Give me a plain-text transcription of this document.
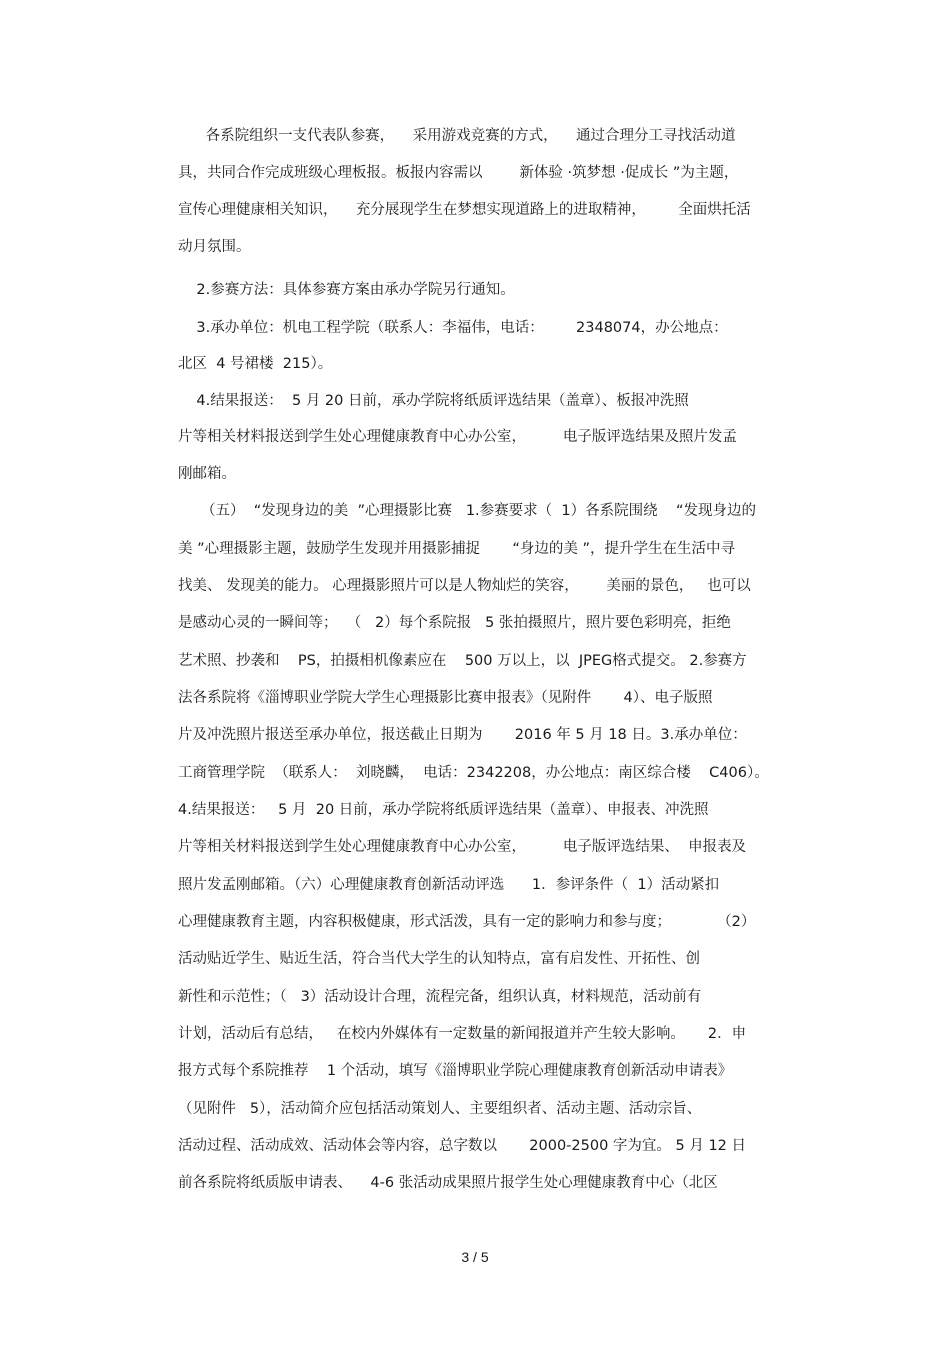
各系院组织一支代表队参赛，    采用游戏竞赛的方式，    通过合理分工寻找活动道
具，共同合作完成班级心理板报。板报内容需以        新体验 ·筑梦想 ·促成长 ”为主题，
宣传心理健康相关知识，    充分展现学生在梦想实现道路上的进取精神，       全面烘托活
动月氛围。
2.参赛方法：具体参赛方案由承办学院另行通知。
3.承办单位：机电工程学院（联系人：李福伟，电话：       2348074，办公地点：
北区  4 号裙楼  215）。
4.结果报送：  5 月 20 日前，承办学院将纸质评选结果（盖章）、板报冲洗照
片等相关材料报送到学生处心理健康教育中心办公室，        电子版评选结果及照片发孟
刚邮箱。
（五）  “发现身边的美  ”心理摄影比赛   1.参赛要求（  1）各系院围绕    “发现身边的
美 ”心理摄影主题，鼓励学生发现并用摄影捕捉       “身边的美 ”，提升学生在生活中寻
找美、 发现美的能力。 心理摄影照片可以是人物灿烂的笑容，      美丽的景色，   也可以
是感动心灵的一瞬间等；  （   2）每个系院报   5 张拍摄照片，照片要色彩明亮，拒绝
艺术照、抄袭和    PS，拍摄相机像素应在    500 万以上，以  JPEG格式提交。 2.参赛方
法各系院将《淄博职业学院大学生心理摄影比赛申报表》（见附件       4）、电子版照
片及冲洗照片报送至承办单位，报送截止日期为       2016 年 5 月 18 日。3.承办单位：
工商管理学院  （联系人：  刘晓麟，  电话：2342208，办公地点：南区综合楼    C406）。
4.结果报送：   5 月  20 日前，承办学院将纸质评选结果（盖章）、申报表、冲洗照
片等相关材料报送到学生处心理健康教育中心办公室，        电子版评选结果、  申报表及
照片发孟刚邮箱。（六）心理健康教育创新活动评选      1．参评条件（  1）活动紧扣
心理健康教育主题，内容积极健康，形式活泼，具有一定的影响力和参与度；          （2）
活动贴近学生、贴近生活，符合当代大学生的认知特点，富有启发性、开拓性、创
新性和示范性；（   3）活动设计合理，流程完备，组织认真，材料规范，活动前有
计划，活动后有总结，   在校内外媒体有一定数量的新闻报道并产生较大影响。     2．申
报方式每个系院推荐    1 个活动，填写《淄博职业学院心理健康教育创新活动申请表》
（见附件   5），活动简介应包括活动策划人、主要组织者、活动主题、活动宗旨、
活动过程、活动成效、活动体会等内容，总字数以       2000-2500 字为宜。 5 月 12 日
前各系院将纸质版申请表、    4-6 张活动成果照片报学生处心理健康教育中心（北区
3 / 5
